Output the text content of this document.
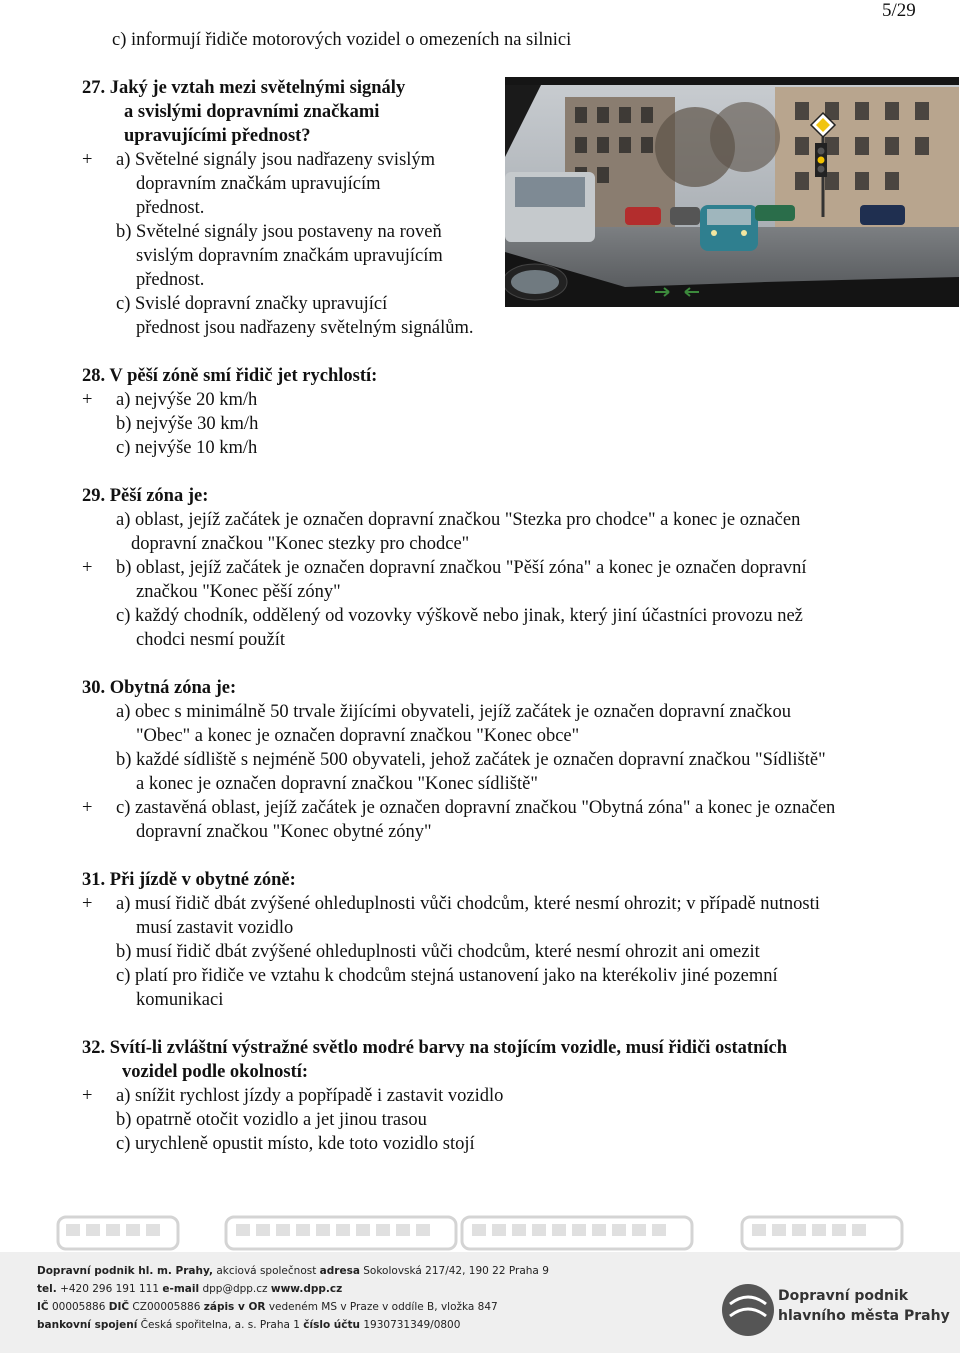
5/29
c) informují řidiče motorových vozidel o omezeních na silnici
27. Jaký je vztah mezi světelnými signály
a svislými dopravními značkami
upravujícími přednost?
+ a) Světelné signály jsou nadřazeny svislým
dopravním značkám upravujícím
přednost.
b) Světelné signály jsou postaveny na roveň
svislým dopravním značkám upravujícím
přednost.
c) Svislé dopravní značky upravující
přednost jsou nadřazeny světelným signálům.
28. V pěší zóně smí řidič jet rychlostí:
+ a) nejvýše 20 km/h
b) nejvýše 30 km/h
c) nejvýše 10 km/h
29. Pěší zóna je:
a) oblast, jejíž začátek je označen dopravní značkou "Stezka pro chodce" a konec je označen
dopravní značkou "Konec stezky pro chodce"
+ b) oblast, jejíž začátek je označen dopravní značkou "Pěší zóna" a konec je označen dopravní
značkou "Konec pěší zóny"
c) každý chodník, oddělený od vozovky výškově nebo jinak, který jiní účastníci provozu než
chodci nesmí použít
30. Obytná zóna je:
a) obec s minimálně 50 trvale žijícími obyvateli, jejíž začátek je označen dopravní značkou
"Obec" a konec je označen dopravní značkou "Konec obce"
b) každé sídliště s nejméně 500 obyvateli, jehož začátek je označen dopravní značkou "Sídliště"
a konec je označen dopravní značkou "Konec sídliště"
+ c) zastavěná oblast, jejíž začátek je označen dopravní značkou "Obytná zóna" a konec je označen
dopravní značkou "Konec obytné zóny"
31. Při jízdě v obytné zóně:
+ a) musí řidič dbát zvýšené ohleduplnosti vůči chodcům, které nesmí ohrozit; v případě nutnosti
musí zastavit vozidlo
b) musí řidič dbát zvýšené ohleduplnosti vůči chodcům, které nesmí ohrozit ani omezit
c) platí pro řidiče ve vztahu k chodcům stejná ustanovení jako na kterékoliv jiné pozemní
komunikaci
32. Svítí-li zvláštní výstražné světlo modré barvy na stojícím vozidle, musí řidiči ostatních
vozidel podle okolností:
+ a) snížit rychlost jízdy a popřípadě i zastavit vozidlo
b) opatrně otočit vozidlo a jet jinou trasou
c) urychleně opustit místo, kde toto vozidlo stojí
Dopravní podnik hl. m. Prahy, akciová společnost adresa Sokolovská 217/42, 190 22 Praha 9
tel. +420 296 191 111 e-mail dpp@dpp.cz www.dpp.cz
IČ 00005886 DIČ CZ00005886 zápis v OR vedeném MS v Praze v oddíle B, vložka 847
bankovní spojení Česká spořitelna, a. s. Praha 1 číslo účtu 1930731349/0800
Dopravní podnik
hlavního města Prahy
